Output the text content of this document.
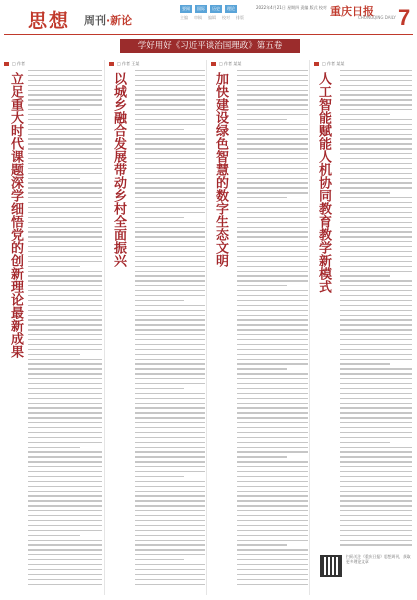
思想 周刊·新论
要闻	国际	历史	理论	2022年4月21日 星期四 责编 版式 校对
主编 审稿 编辑 校对 排版	重庆日报
CHONGQING DAILY 7
学好用好《习近平谈治国理政》第五卷
□ 作者
立足重大时代课题深学细悟党的创新理论最新成果
□ 作者 王某
以城乡融合发展带动乡村全面振兴
□ 作者 某某
加快建设绿色智慧的数字生态文明
□ 作者 某某
人工智能赋能人机协同教育教学新模式
扫码关注《重庆日报》思想周刊，获取更多理论文章
